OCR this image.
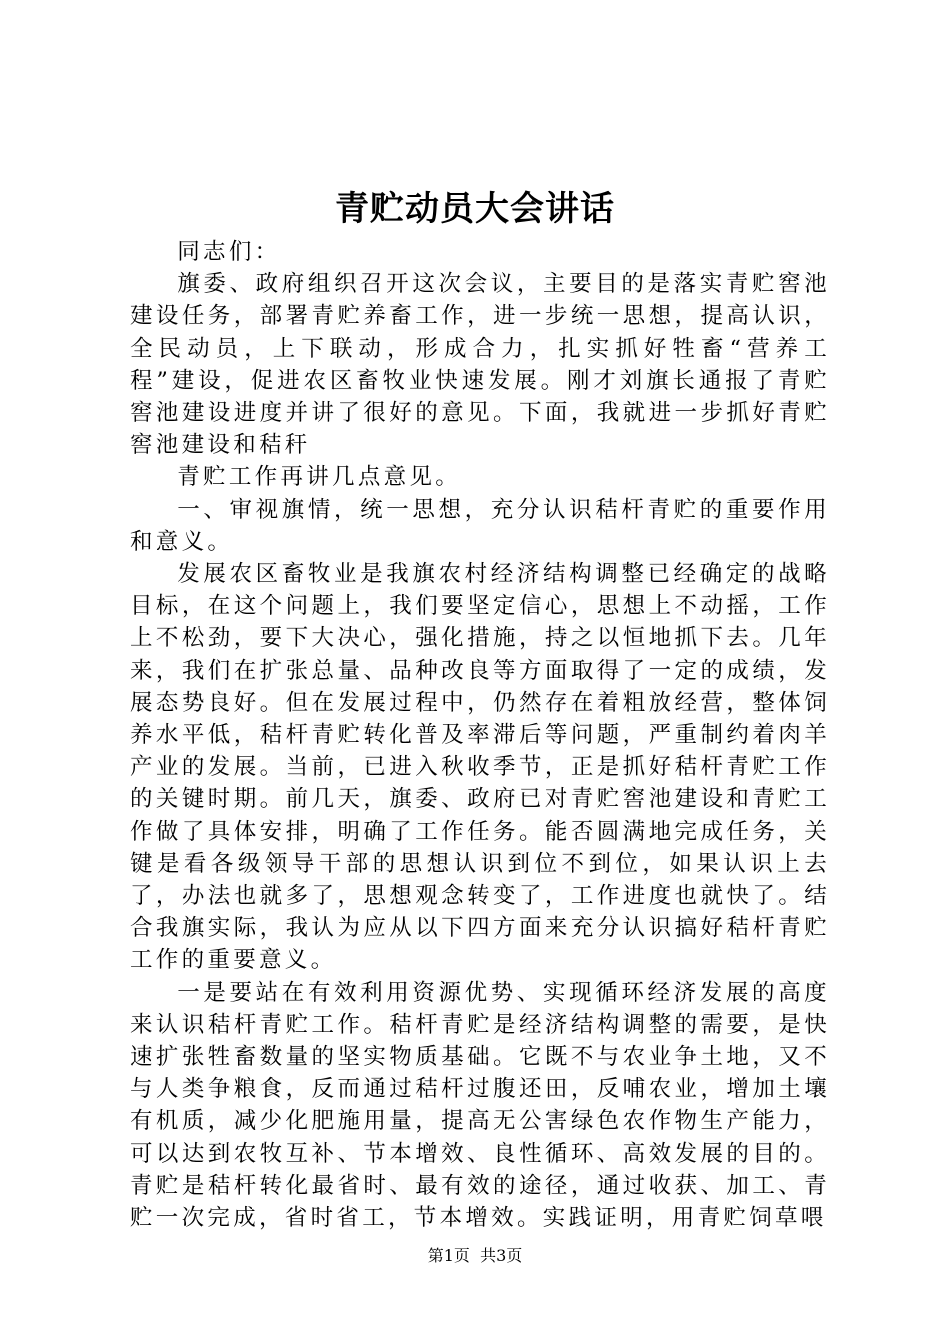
青贮动员大会讲话

同志们：

旗委、政府组织召开这次会议，主要目的是落实青贮窖池建设任务，部署青贮养畜工作，进一步统一思想，提高认识，全民动员，上下联动，形成合力，扎实抓好牲畜“营养工程”建设，促进农区畜牧业快速发展。刚才刘旗长通报了青贮窖池建设进度并讲了很好的意见。下面，我就进一步抓好青贮窖池建设和秸秆

青贮工作再讲几点意见。

一、审视旗情，统一思想，充分认识秸杆青贮的重要作用和意义。

发展农区畜牧业是我旗农村经济结构调整已经确定的战略目标，在这个问题上，我们要坚定信心，思想上不动摇，工作上不松劲，要下大决心，强化措施，持之以恒地抓下去。几年来，我们在扩张总量、品种改良等方面取得了一定的成绩，发展态势良好。但在发展过程中，仍然存在着粗放经营，整体饲养水平低，秸杆青贮转化普及率滞后等问题，严重制约着肉羊产业的发展。当前，已进入秋收季节，正是抓好秸杆青贮工作的关键时期。前几天，旗委、政府已对青贮窖池建设和青贮工作做了具体安排，明确了工作任务。能否圆满地完成任务，关键是看各级领导干部的思想认识到位不到位，如果认识上去了，办法也就多了，思想观念转变了，工作进度也就快了。结合我旗实际，我认为应从以下四方面来充分认识搞好秸杆青贮工作的重要意义。

一是要站在有效利用资源优势、实现循环经济发展的高度来认识秸杆青贮工作。秸杆青贮是经济结构调整的需要，是快速扩张牲畜数量的坚实物质基础。它既不与农业争土地，又不与人类争粮食，反而通过秸杆过腹还田，反哺农业，增加土壤有机质，减少化肥施用量，提高无公害绿色农作物生产能力，可以达到农牧互补、节本增效、良性循环、高效发展的目的。青贮是秸杆转化最省时、最有效的途径，通过收获、加工、青贮一次完成，省时省工，节本增效。实践证明，用青贮饲草喂

第1页 共3页
